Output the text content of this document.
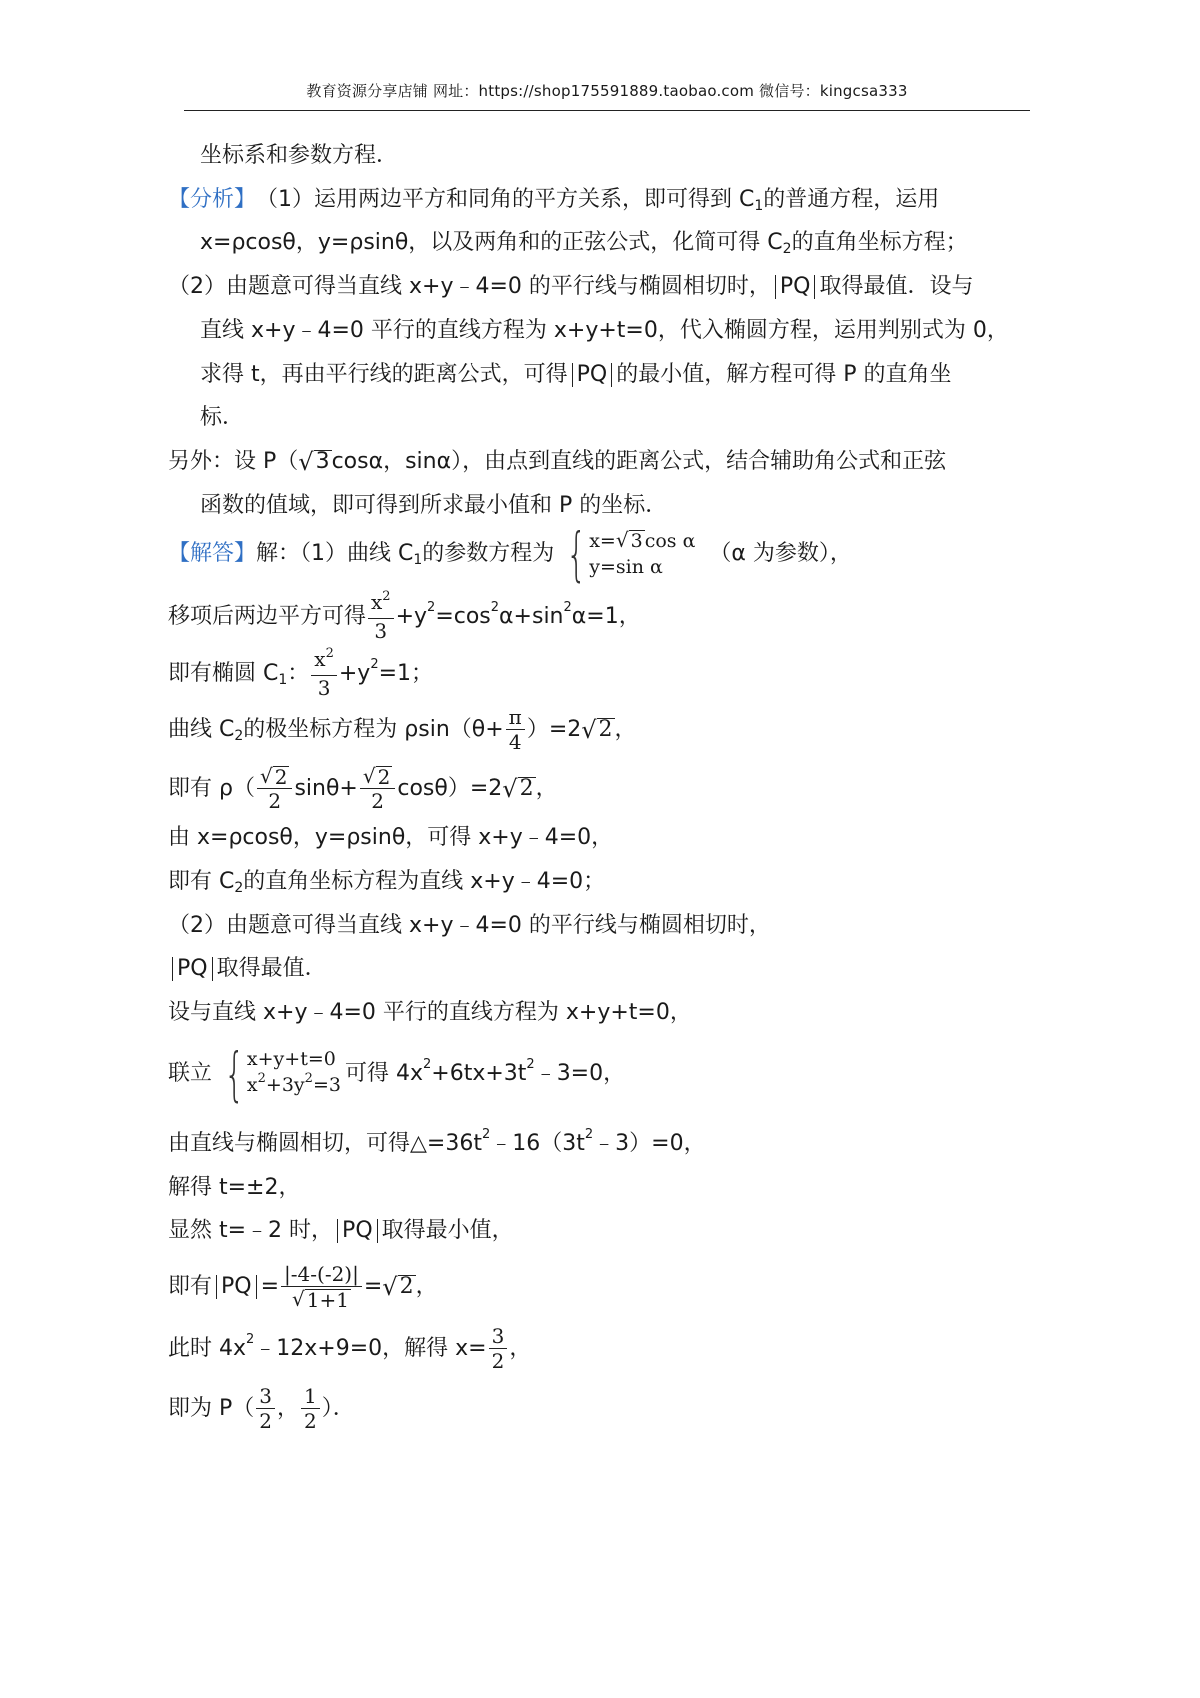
教育资源分享店铺 网址：https://shop175591889.taobao.com 微信号：kingcsa333
坐标系和参数方程．
【分析】 （1）运用两边平方和同角的平方关系，即可得到 C 1 的普通方程，运用
x=ρcosθ，y=ρsinθ，以及两角和的正弦公式，化简可得 C 2 的直角坐标方程；
（2）由题意可得当直线 x+y﹣4=0 的平行线与椭圆相切时， PQ 取得最值．设与
直线 x+y﹣4=0 平行的直线方程为 x+y+t=0，代入椭圆方程，运用判别式为 0，
求得 t，再由平行线的距离公式，可得 PQ 的最小值，解方程可得 P 的直角坐
标．
另外：设 P（ √ 3 cosα，sinα），由点到直线的距离公式，结合辅助角公式和正弦
函数的值域，即可得到所求最小值和 P 的坐标．
【解答】 解：（1）曲线 C 1 的参数方程为 { x= √ 3 cos α
y=sin α
（α 为参数），
移项后两边平方可得 $\frac{x^2}{3} +y$ 2 =cos 2 α+sin 2 α=1，
即有椭圆 C 1 ： $\frac{x^2}{3} +y$ 2 =1；
曲线 C 2 的极坐标方程为 $\rho\sin(\theta+ \frac{\pi}{4} )=2$ √ 2 ，
即有 $\rho( \frac{√ 2}{2} \sin\theta+ \frac{√ 2}{2} \cos\theta)=2$ √ 2 ，
由 x=ρcosθ，y=ρsinθ，可得 x+y﹣4=0，
即有 C 2 的直角坐标方程为直线 x+y﹣4=0；
（2）由题意可得当直线 x+y﹣4=0 的平行线与椭圆相切时，
PQ 取得最值．
设与直线 x+y﹣4=0 平行的直线方程为 x+y+t=0，
联立 { x+y+t=0
$x^2+3y^2=3$ 可得 4x 2 +6tx+3t 2 ﹣3=0，
由直线与椭圆相切，可得△=36t 2 ﹣16（3t 2 ﹣3）=0，
解得 t=±2，
显然 t=﹣2 时， PQ 取得最小值，
即有 PQ = $\frac{|-4-(-2)|}{√ 1+1}$ = √ 2 ，
此时 4x 2 ﹣12x+9=0，解得 $x= \frac{3}{2}$ ，
即为 $P( \frac{3}{2}$ ， $\frac{1}{2}$ ）．
